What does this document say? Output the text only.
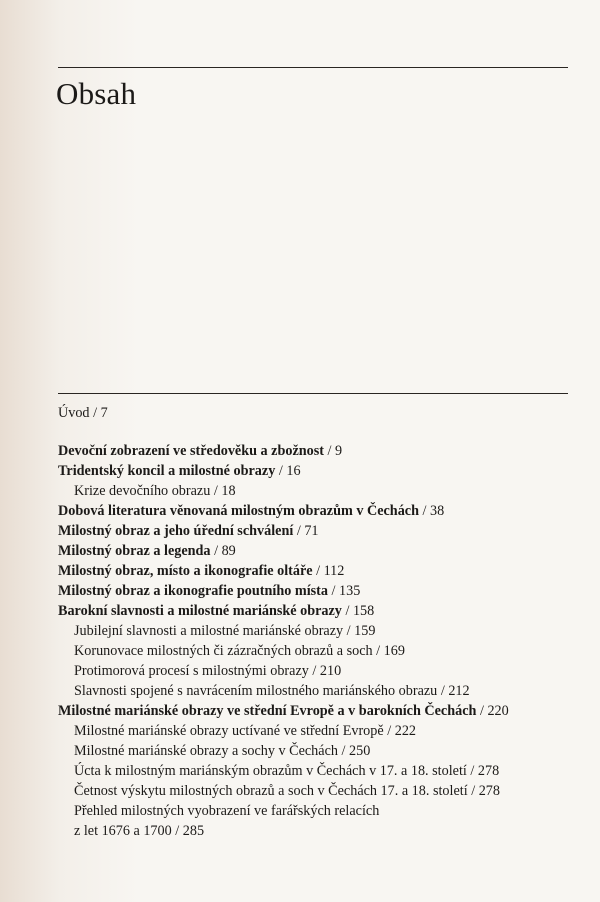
Obsah
Úvod / 7
Devoční zobrazení ve středověku a zbožnost / 9
Tridentský koncil a milostné obrazy / 16
Krize devočního obrazu / 18
Dobová literatura věnovaná milostným obrazům v Čechách / 38
Milostný obraz a jeho úřední schválení / 71
Milostný obraz a legenda / 89
Milostný obraz, místo a ikonografie oltáře / 112
Milostný obraz a ikonografie poutního místa / 135
Barokní slavnosti a milostné mariánské obrazy / 158
Jubilejní slavnosti a milostné mariánské obrazy / 159
Korunovace milostných či zázračných obrazů a soch / 169
Protimorová procesí s milostnými obrazy / 210
Slavnosti spojené s navrácením milostného mariánského obrazu / 212
Milostné mariánské obrazy ve střední Evropě a v barokních Čechách / 220
Milostné mariánské obrazy uctívané ve střední Evropě / 222
Milostné mariánské obrazy a sochy v Čechách / 250
Úcta k milostným mariánským obrazům v Čechách v 17. a 18. století / 278
Četnost výskytu milostných obrazů a soch v Čechách 17. a 18. století / 278
Přehled milostných vyobrazení ve farářských relacích
z let 1676 a 1700 / 285
